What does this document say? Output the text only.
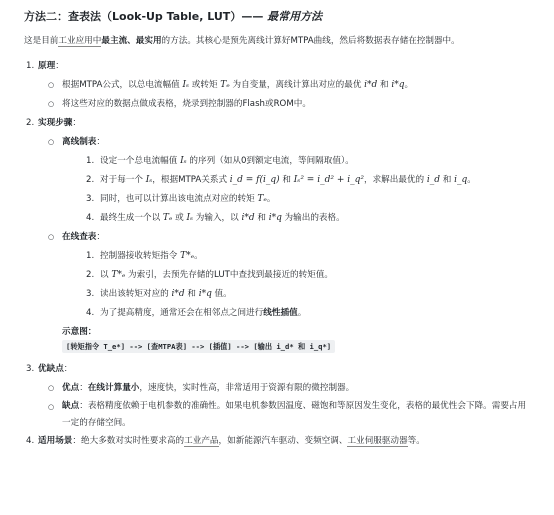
方法二：查表法（Look-Up Table, LUT）—— 最常用方法

这是目前工业应用中最主流、最实用的方法。其核心是预先离线计算好MTPA曲线，然后将数据表存储在控制器中。

1. 原理：
○ 根据MTPA公式，以总电流幅值 Iₛ 或转矩 Tₑ 为自变量，离线计算出对应的最优 i*d 和 i*q。
○ 将这些对应的数据点做成表格，烧录到控制器的Flash或ROM中。
2. 实现步骤：
○ 离线制表：
1. 设定一个总电流幅值 Iₛ 的序列（如从0到额定电流，等间隔取值）。
2. 对于每一个 Iₛ，根据MTPA关系式 i_d = f(i_q) 和 Iₛ² = i_d² + i_q²，求解出最优的 i_d 和 i_q。
3. 同时，也可以计算出该电流点对应的转矩 Tₑ。
4. 最终生成一个以 Tₑ 或 Iₛ 为输入，以 i*d 和 i*q 为输出的表格。
○ 在线查表：
1. 控制器接收转矩指令 T*ₑ。
2. 以 T*ₑ 为索引，去预先存储的LUT中查找到最接近的转矩值。
3. 读出该转矩对应的 i*d 和 i*q 值。
4. 为了提高精度，通常还会在相邻点之间进行线性插值。
示意图：
[转矩指令 T_e*] --> [查MTPA表] --> [插值] --> [输出 i_d* 和 i_q*]
3. 优缺点：
○ 优点：在线计算量小，速度快，实时性高，非常适用于资源有限的微控制器。
○ 缺点：表格精度依赖于电机参数的准确性。如果电机参数因温度、磁饱和等原因发生变化，表格的最优性会下降。需要占用一定的存储空间。
4. 适用场景：绝大多数对实时性要求高的工业产品，如新能源汽车驱动、变频空调、工业伺服驱动器等。
